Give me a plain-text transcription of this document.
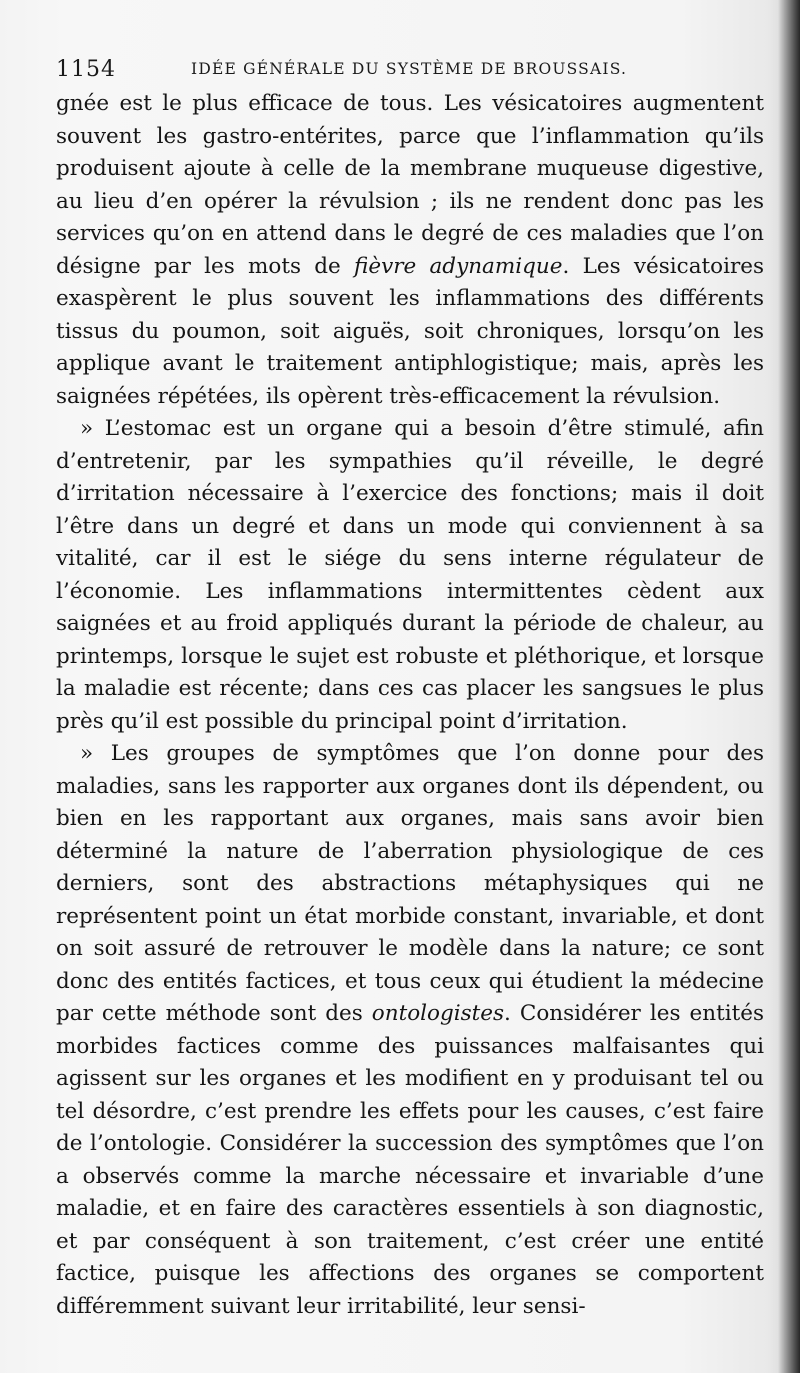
1154	IDÉE GÉNÉRALE DU SYSTÈME DE BROUSSAIS.

gnée est le plus efficace de tous. Les vésicatoires augmentent souvent les gastro-entérites, parce que l’inflammation qu’ils produisent ajoute à celle de la membrane muqueuse digestive, au lieu d’en opérer la révulsion ; ils ne rendent donc pas les services qu’on en attend dans le degré de ces maladies que l’on désigne par les mots de fièvre adynamique. Les vésicatoires exaspèrent le plus souvent les inflammations des différents tissus du poumon, soit aiguës, soit chroniques, lorsqu’on les applique avant le traitement antiphlogistique; mais, après les saignées répétées, ils opèrent très-efficacement la révulsion.

» L’estomac est un organe qui a besoin d’être stimulé, afin d’entretenir, par les sympathies qu’il réveille, le degré d’irritation nécessaire à l’exercice des fonctions; mais il doit l’être dans un degré et dans un mode qui conviennent à sa vitalité, car il est le siége du sens interne régulateur de l’économie. Les inflammations intermittentes cèdent aux saignées et au froid appliqués durant la période de chaleur, au printemps, lorsque le sujet est robuste et pléthorique, et lorsque la maladie est récente; dans ces cas placer les sangsues le plus près qu’il est possible du principal point d’irritation.

» Les groupes de symptômes que l’on donne pour des maladies, sans les rapporter aux organes dont ils dépendent, ou bien en les rapportant aux organes, mais sans avoir bien déterminé la nature de l’aberration physiologique de ces derniers, sont des abstractions métaphysiques qui ne représentent point un état morbide constant, invariable, et dont on soit assuré de retrouver le modèle dans la nature; ce sont donc des entités factices, et tous ceux qui étudient la médecine par cette méthode sont des ontologistes. Considérer les entités morbides factices comme des puissances malfaisantes qui agissent sur les organes et les modifient en y produisant tel ou tel désordre, c’est prendre les effets pour les causes, c’est faire de l’ontologie. Considérer la succession des symptômes que l’on a observés comme la marche nécessaire et invariable d’une maladie, et en faire des caractères essentiels à son diagnostic, et par conséquent à son traitement, c’est créer une entité factice, puisque les affections des organes se comportent différemment suivant leur irritabilité, leur sensi-
